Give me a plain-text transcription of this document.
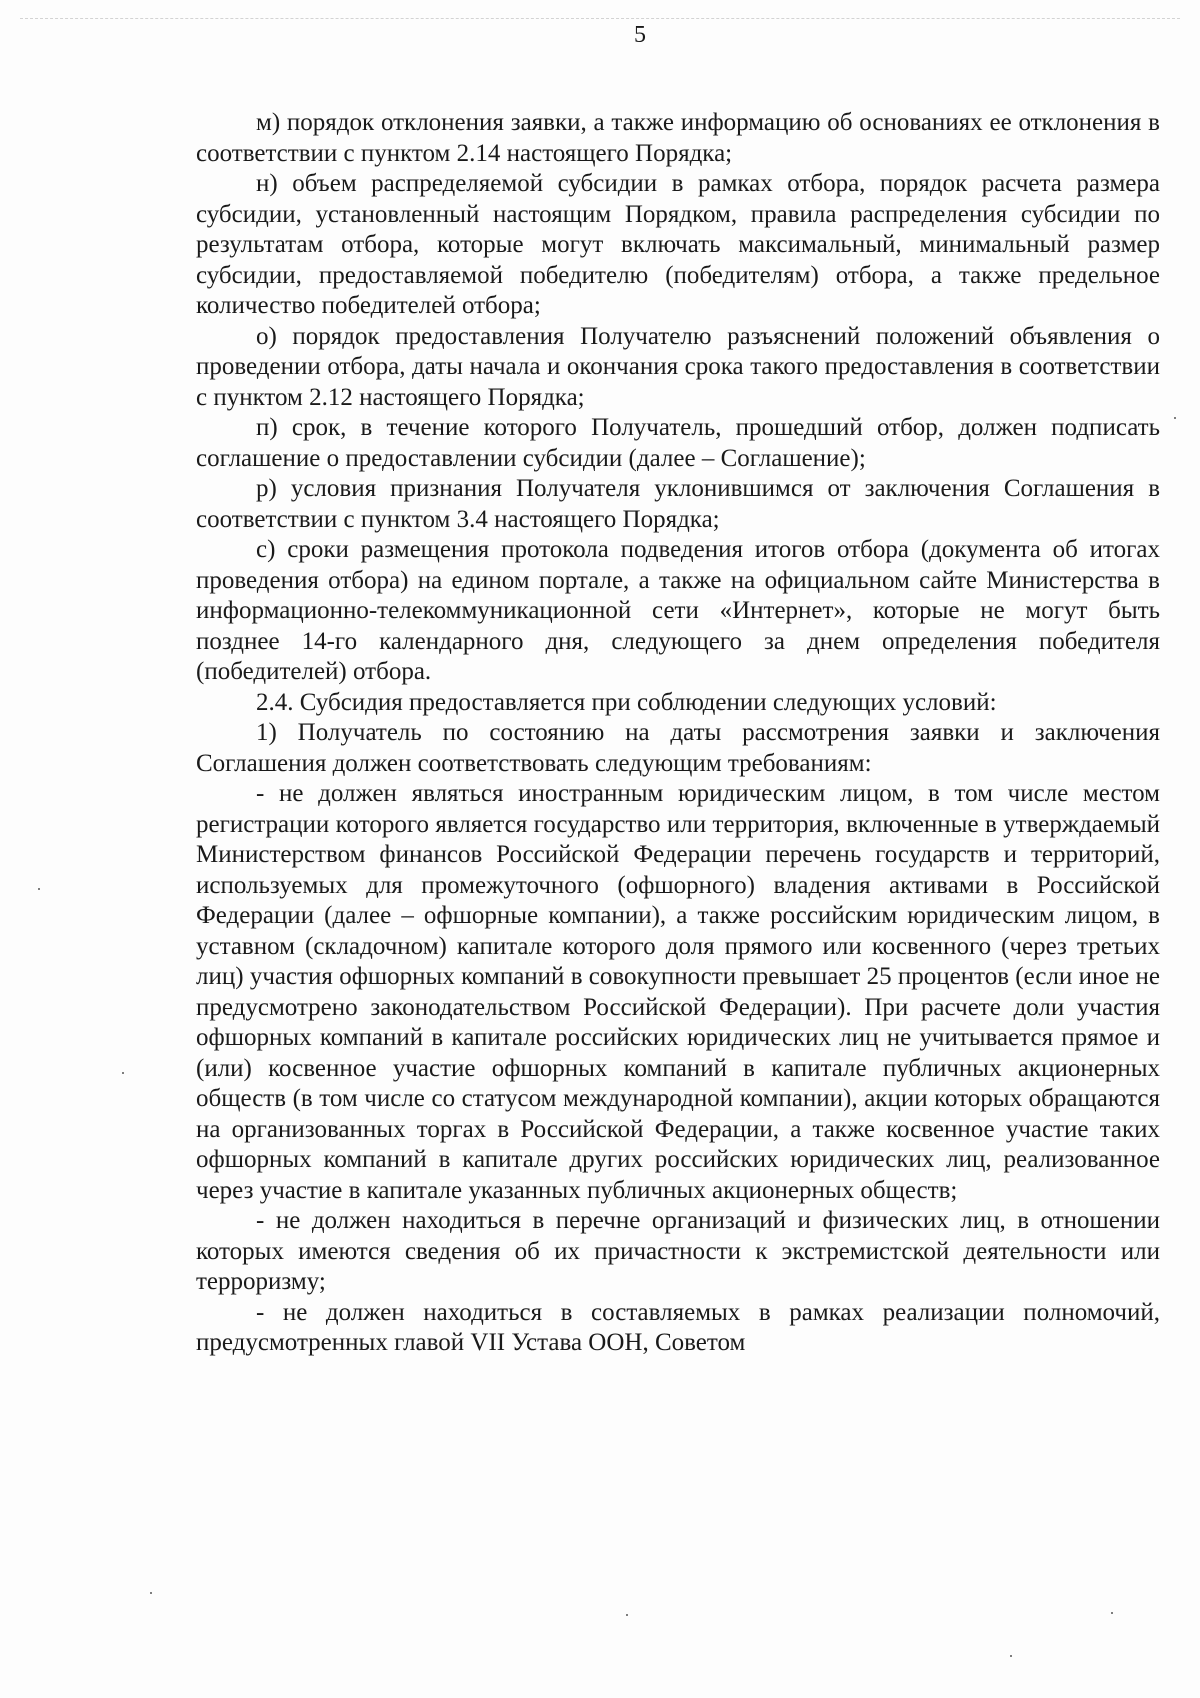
5

м) порядок отклонения заявки, а также информацию об основаниях ее отклонения в соответствии с пунктом 2.14 настоящего Порядка;

н) объем распределяемой субсидии в рамках отбора, порядок расчета размера субсидии, установленный настоящим Порядком, правила распределения субсидии по результатам отбора, которые могут включать максимальный, минимальный размер субсидии, предоставляемой победителю (победителям) отбора, а также предельное количество победителей отбора;

о) порядок предоставления Получателю разъяснений положений объявления о проведении отбора, даты начала и окончания срока такого предоставления в соответствии с пунктом 2.12 настоящего Порядка;

п) срок, в течение которого Получатель, прошедший отбор, должен подписать соглашение о предоставлении субсидии (далее – Соглашение);

р) условия признания Получателя уклонившимся от заключения Соглашения в соответствии с пунктом 3.4 настоящего Порядка;

с) сроки размещения протокола подведения итогов отбора (документа об итогах проведения отбора) на едином портале, а также на официальном сайте Министерства в информационно-телекоммуникационной сети «Интернет», которые не могут быть позднее 14-го календарного дня, следующего за днем определения победителя (победителей) отбора.

2.4. Субсидия предоставляется при соблюдении следующих условий:

1) Получатель по состоянию на даты рассмотрения заявки и заключения Соглашения должен соответствовать следующим требованиям:

- не должен являться иностранным юридическим лицом, в том числе местом регистрации которого является государство или территория, включенные в утверждаемый Министерством финансов Российской Федерации перечень государств и территорий, используемых для промежуточного (офшорного) владения активами в Российской Федерации (далее – офшорные компании), а также российским юридическим лицом, в уставном (складочном) капитале которого доля прямого или косвенного (через третьих лиц) участия офшорных компаний в совокупности превышает 25 процентов (если иное не предусмотрено законодательством Российской Федерации). При расчете доли участия офшорных компаний в капитале российских юридических лиц не учитывается прямое и (или) косвенное участие офшорных компаний в капитале публичных акционерных обществ (в том числе со статусом международной компании), акции которых обращаются на организованных торгах в Российской Федерации, а также косвенное участие таких офшорных компаний в капитале других российских юридических лиц, реализованное через участие в капитале указанных публичных акционерных обществ;

- не должен находиться в перечне организаций и физических лиц, в отношении которых имеются сведения об их причастности к экстремистской деятельности или терроризму;

- не должен находиться в составляемых в рамках реализации полномочий, предусмотренных главой VII Устава ООН, Советом
